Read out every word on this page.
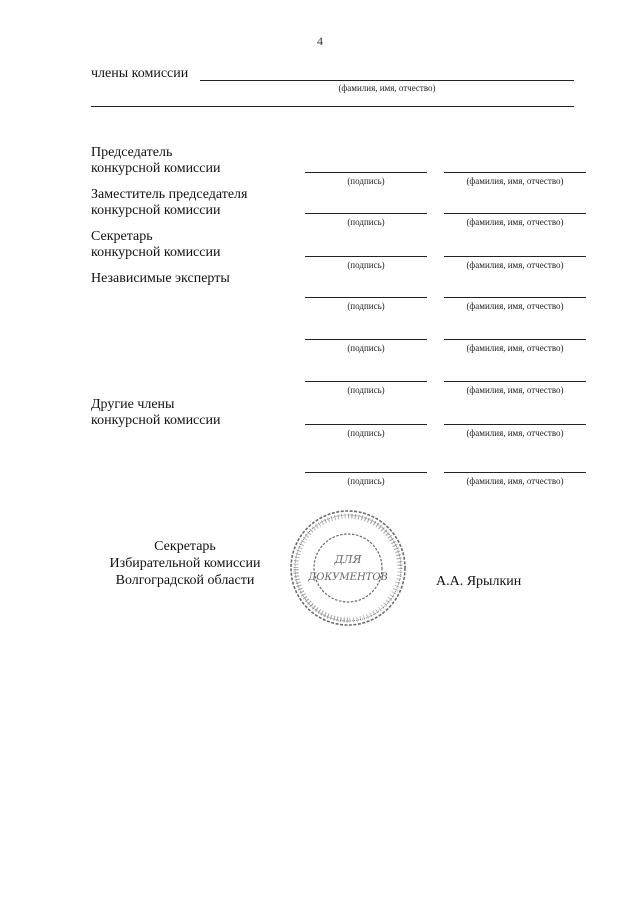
4
члены комиссии
(фамилия, имя, отчество)
Председатель
конкурсной комиссии
(подпись)	(фамилия, имя, отчество)
Заместитель председателя
конкурсной комиссии
(подпись)	(фамилия, имя, отчество)
Секретарь
конкурсной комиссии
(подпись)	(фамилия, имя, отчество)
Независимые эксперты
(подпись)	(фамилия, имя, отчество)
(подпись)	(фамилия, имя, отчество)
(подпись)	(фамилия, имя, отчество)
Другие члены
конкурсной комиссии
(подпись)	(фамилия, имя, отчество)
(подпись)	(фамилия, имя, отчество)
Секретарь
Избирательной комиссии
Волгоградской области
ДЛЯ
ДОКУМЕНТОВ	А.А. Ярылкин
